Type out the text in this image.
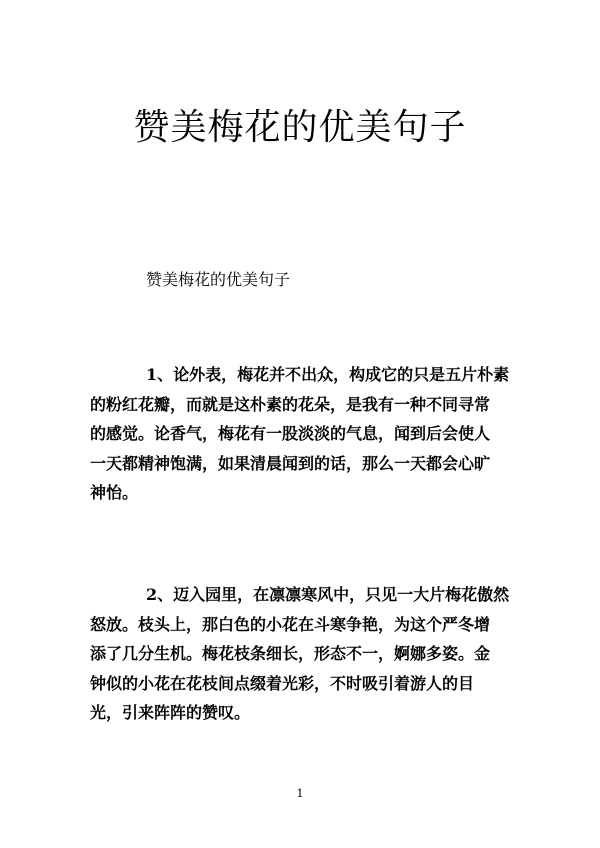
赞美梅花的优美句子

赞美梅花的优美句子

1、论外表，梅花并不出众，构成它的只是五片朴素
的粉红花瓣，而就是这朴素的花朵，是我有一种不同寻常
的感觉。论香气，梅花有一股淡淡的气息，闻到后会使人
一天都精神饱满，如果清晨闻到的话，那么一天都会心旷
神怡。
2、迈入园里，在凛凛寒风中，只见一大片梅花傲然
怒放。枝头上，那白色的小花在斗寒争艳，为这个严冬增
添了几分生机。梅花枝条细长，形态不一，婀娜多姿。金
钟似的小花在花枝间点缀着光彩，不时吸引着游人的目
光，引来阵阵的赞叹。

1
